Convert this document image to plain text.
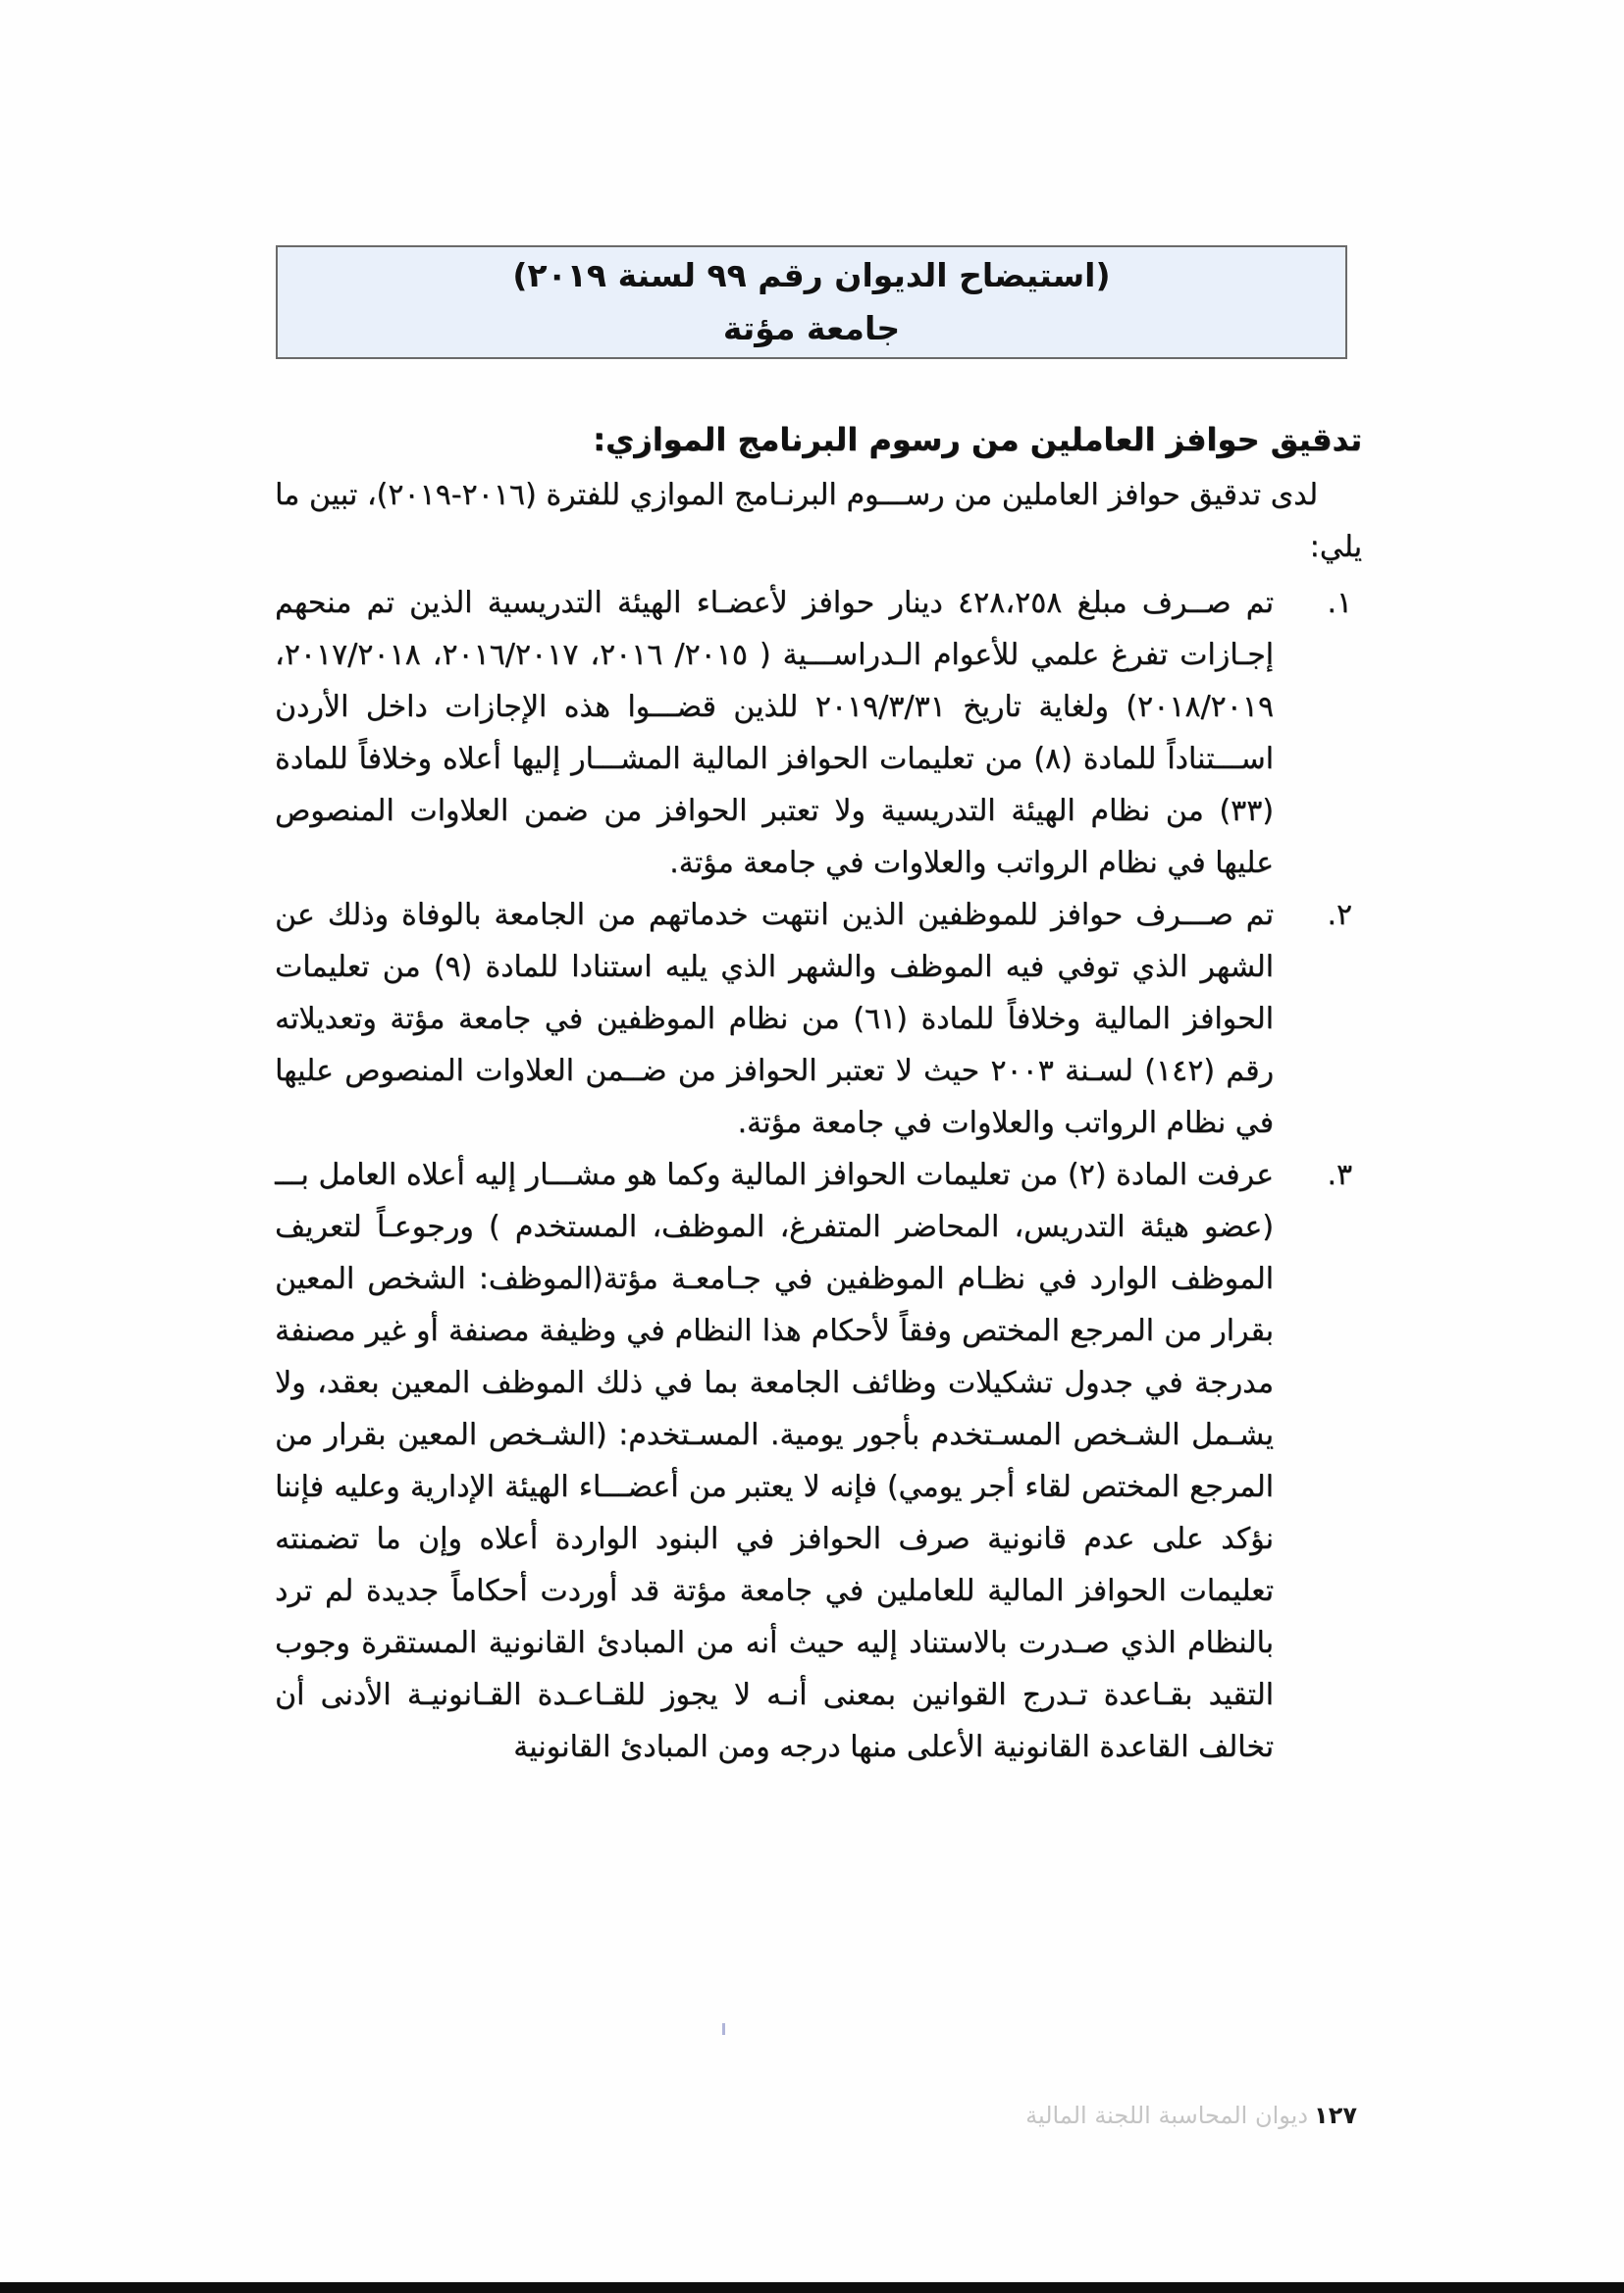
(استيضاح الديوان رقم ٩٩ لسنة ٢٠١٩)
جامعة مؤتة
تدقيق حوافز العاملين من رسوم البرنامج الموازي:

لدى تدقيق حوافز العاملين من رســـوم البرنـامج الموازي للفترة (٢٠١٦-٢٠١٩)، تبين ما يلي:

١.
تم صــرف مبلغ ٤٢٨،٢٥٨ دينار حوافز لأعضـاء الهيئة التدريسية الذين تم منحهم إجـازات تفرغ علمي للأعوام الـدراســـية ( ٢٠١٥/ ٢٠١٦، ٢٠١٦/٢٠١٧، ٢٠١٧/٢٠١٨، ٢٠١٨/٢٠١٩) ولغاية تاريخ ٢٠١٩/٣/٣١ للذين قضـــوا هذه الإجازات داخل الأردن اســـتناداً للمادة (٨) من تعليمات الحوافز المالية المشـــار إليها أعلاه وخلافاً للمادة (٣٣) من نظام الهيئة التدريسية ولا تعتبر الحوافز من ضمن العلاوات المنصوص عليها في نظام الرواتب والعلاوات في جامعة مؤتة.
٢.
تم صـــرف حوافز للموظفين الذين انتهت خدماتهم من الجامعة بالوفاة وذلك عن الشهر الذي توفي فيه الموظف والشهر الذي يليه استنادا للمادة (٩) من تعليمات الحوافز المالية وخلافاً للمادة (٦١) من نظام الموظفين في جامعة مؤتة وتعديلاته رقم (١٤٢) لسـنة ٢٠٠٣ حيث لا تعتبر الحوافز من ضــمن العلاوات المنصوص عليها في نظام الرواتب والعلاوات في جامعة مؤتة.
٣.
عرفت المادة (٢) من تعليمات الحوافز المالية وكما هو مشـــار إليه أعلاه العامل بـــ (عضو هيئة التدريس، المحاضر المتفرغ، الموظف، المستخدم ) ورجوعـاً لتعريف الموظف الوارد في نظـام الموظفين في جـامعـة مؤتة(الموظف: الشخص المعين بقرار من المرجع المختص وفقاً لأحكام هذا النظام في وظيفة مصنفة أو غير مصنفة مدرجة في جدول تشكيلات وظائف الجامعة بما في ذلك الموظف المعين بعقد، ولا يشـمل الشـخص المسـتخدم بأجور يومية. المسـتخدم: (الشـخص المعين بقرار من المرجع المختص لقاء أجر يومي) فإنه لا يعتبر من أعضـــاء الهيئة الإدارية وعليه فإننا نؤكد على عدم قانونية صرف الحوافز في البنود الواردة أعلاه وإن ما تضمنته تعليمات الحوافز المالية للعاملين في جامعة مؤتة قد أوردت أحكاماً جديدة لم ترد بالنظام الذي صـدرت بالاستناد إليه حيث أنه من المبادئ القانونية المستقرة وجوب التقيد بقـاعدة تـدرج القوانين بمعنى أنـه لا يجوز للقـاعـدة القـانونيـة الأدنى أن تخالف القاعدة القانونية الأعلى منها درجه ومن المبادئ القانونية
١٢٧
ديوان المحاسبة اللجنة المالية
